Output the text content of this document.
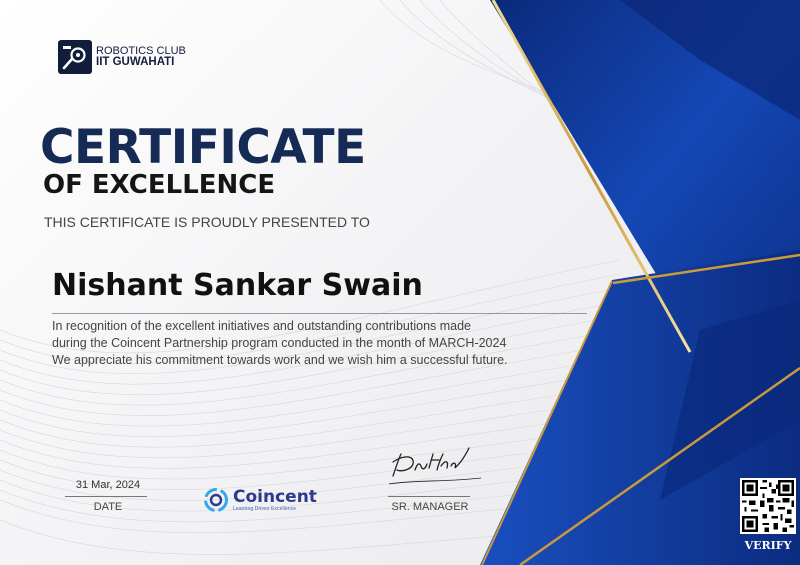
ROBOTICS CLUB
IIT GUWAHATI
CERTIFICATE
OF EXCELLENCE
THIS CERTIFICATE IS PROUDLY PRESENTED TO
Nishant Sankar Swain
In recognition of the excellent initiatives and outstanding contributions made
during the Coincent Partnership program conducted in the month of MARCH-2024
We appreciate his commitment towards work and we wish him a successful future.
31 Mar, 2024
DATE	Coincent
Learning Drives Excellence	SR. MANAGER
VERIFY
